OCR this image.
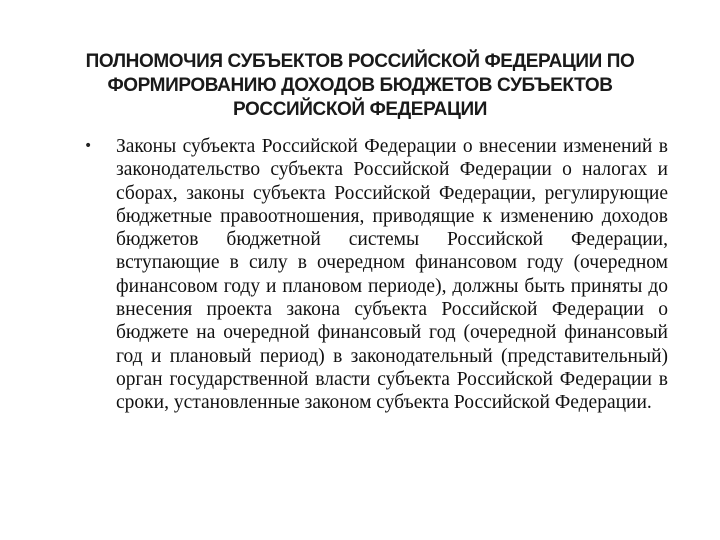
ПОЛНОМОЧИЯ СУБЪЕКТОВ РОССИЙСКОЙ ФЕДЕРАЦИИ ПО
ФОРМИРОВАНИЮ ДОХОДОВ БЮДЖЕТОВ СУБЪЕКТОВ
РОССИЙСКОЙ ФЕДЕРАЦИИ
• Законы субъекта Российской Федерации о внесении изменений в законодательство субъекта Российской Федерации о налогах и сборах, законы субъекта Российской Федерации, регулирующие бюджетные правоотношения, приводящие к изменению доходов бюджетов бюджетной системы Российской Федерации, вступающие в силу в очередном финансовом году (очередном финансовом году и плановом периоде), должны быть приняты до внесения проекта закона субъекта Российской Федерации о бюджете на очередной финансовый год (очередной финансовый год и плановый период) в законодательный (представительный) орган государственной власти субъекта Российской Федерации в сроки, установленные законом субъекта Российской Федерации.
